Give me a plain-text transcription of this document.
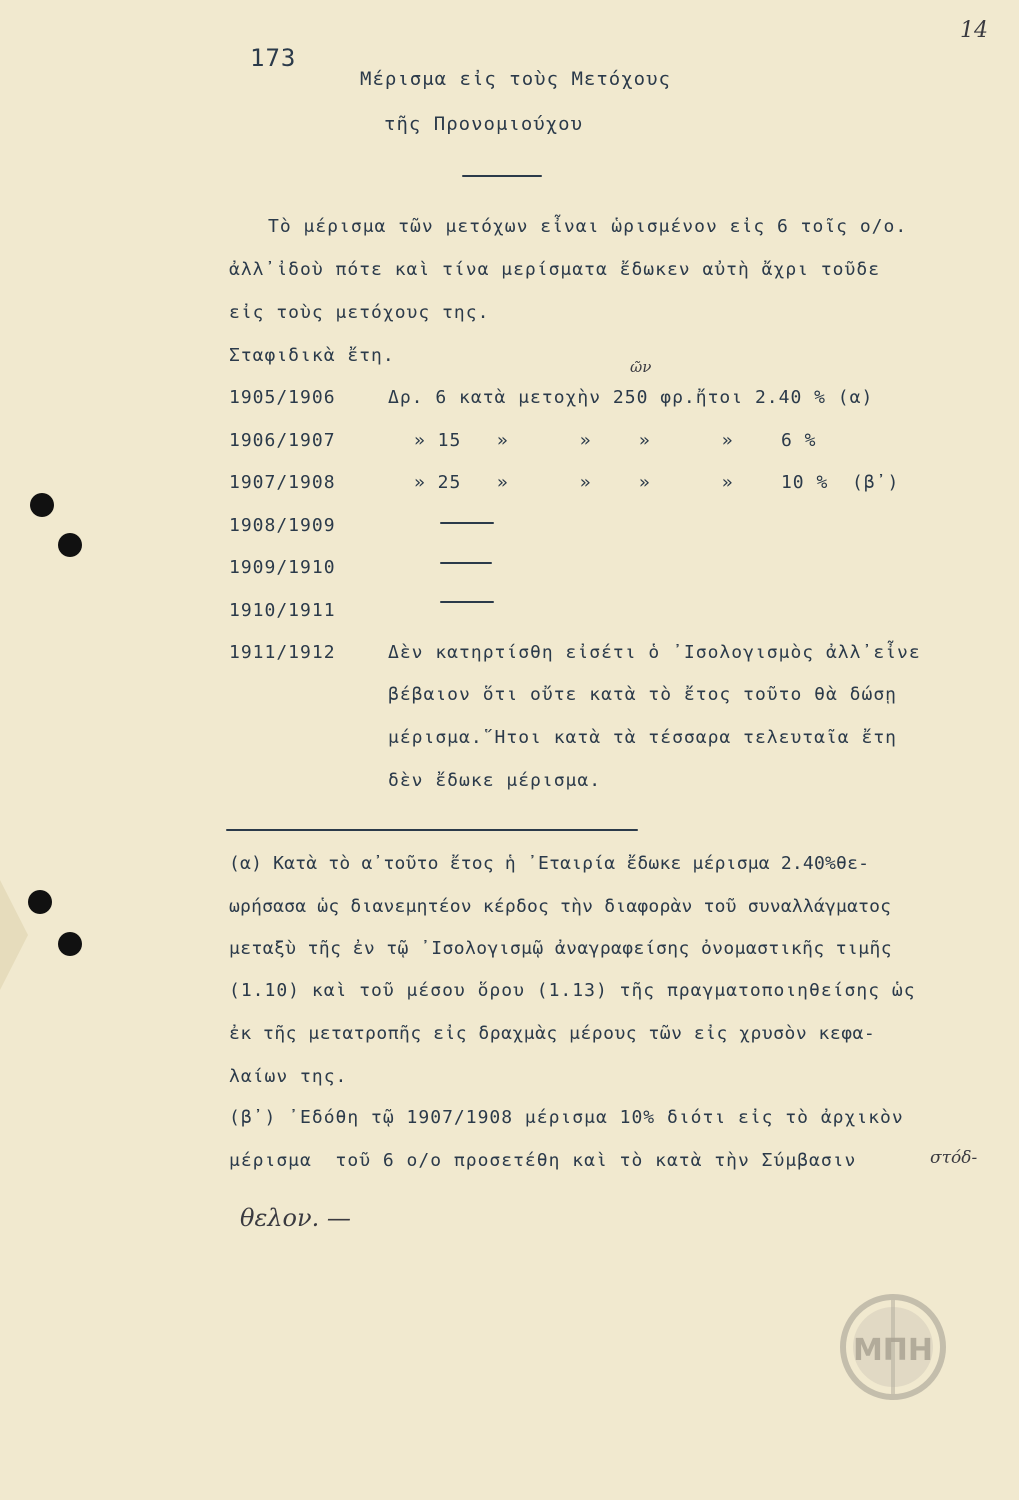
14
173
Μέρισμα εἰς τοὺς Μετόχους
τῆς Προνομιούχου
Τὸ μέρισμα τῶν μετόχων εἶναι ὡρισμένον εἰς 6 τοῖς ο/ο.
ἀλλ᾽ἰδοὺ πότε καὶ τίνα μερίσματα ἔδωκεν αὐτὴ ἄχρι τοῦδε
εἰς τοὺς μετόχους της.
Σταφιδικὰ ἔτη.
ῶν
1905/1906	Δρ. 6 κατὰ μετοχὴν 250 φρ.ἤτοι 2.40 % (α)
1906/1907	» 15   »      »    »      »    6 %
1907/1908	» 25   »      »    »      »    10 %  (β᾽)
1908/1909
1909/1910
1910/1911
1911/1912	Δὲν κατηρτίσθη εἰσέτι ὁ ᾽Ισολογισμὸς ἀλλ᾽εἶνε
βέβαιον ὅτι οὔτε κατὰ τὸ ἔτος τοῦτο θὰ δώσῃ
μέρισμα.῞Ητοι κατὰ τὰ τέσσαρα τελευταῖα ἔτη
δὲν ἔδωκε μέρισμα.
(α) Κατὰ τὸ α᾽τοῦτο ἔτος ἡ ᾽Εταιρία ἔδωκε μέρισμα 2.40%θε-
ωρήσασα ὡς διανεμητέον κέρδος τὴν διαφορὰν τοῦ συναλλάγματος
μεταξὺ τῆς ἐν τῷ ᾽Ισολογισμῷ ἀναγραφείσης ὀνομαστικῆς τιμῆς
(1.10) καὶ τοῦ μέσου ὅρου (1.13) τῆς πραγματοποιηθείσης ὡς
ἐκ τῆς μετατροπῆς εἰς δραχμὰς μέρους τῶν εἰς χρυσὸν κεφα-
λαίων της.
(β᾽) ᾽Εδόθη τῷ 1907/1908 μέρισμα 10% διότι εἰς τὸ ἀρχικὸν
μέρισμα  τοῦ 6 ο/ο προσετέθη καὶ τὸ κατὰ τὴν Σύμβασιν	στόδ-
θελον. —
ΜΠΗ
